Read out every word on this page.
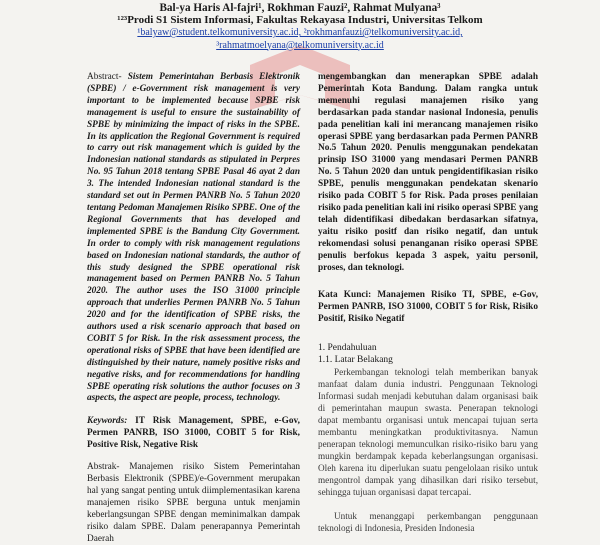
Bal-ya Haris Al-fajri¹, Rokhman Fauzi², Rahmat Mulyana³
¹²³Prodi S1 Sistem Informasi, Fakultas Rekayasa Industri, Universitas Telkom
¹balyaw@student.telkomuniversity.ac.id, ²rokhmanfauzi@telkomuniversity.ac.id,
³rahmatmoelyana@telkomuniversity.ac.id

Abstract- Sistem Pemerintahan Berbasis Elektronik (SPBE) / e-Government risk management is very important to be implemented because SPBE risk management is useful to ensure the sustainability of SPBE by minimizing the impact of risks in the SPBE. In its application the Regional Government is required to carry out risk management which is guided by the Indonesian national standards as stipulated in Perpres No. 95 Tahun 2018 tentang SPBE Pasal 46 ayat 2 dan 3. The intended Indonesian national standard is the standard set out in Permen PANRB No. 5 Tahun 2020 tentang Pedoman Manajemen Risiko SPBE. One of the Regional Governments that has developed and implemented SPBE is the Bandung City Government. In order to comply with risk management regulations based on Indonesian national standards, the author of this study designed the SPBE operational risk management based on Permen PANRB No. 5 Tahun 2020. The author uses the ISO 31000 principle approach that underlies Permen PANRB No. 5 Tahun 2020 and for the identification of SPBE risks, the authors used a risk scenario approach that based on COBIT 5 for Risk. In the risk assessment process, the operational risks of SPBE that have been identified are distinguished by their nature, namely positive risks and negative risks, and for recommendations for handling SPBE operating risk solutions the author focuses on 3 aspects, the aspect are people, process, technology.

Keywords: IT Risk Management, SPBE, e-Gov, Permen PANRB, ISO 31000, COBIT 5 for Risk, Positive Risk, Negative Risk

Abstrak- Manajemen risiko Sistem Pemerintahan Berbasis Elektronik (SPBE)/e-Government merupakan hal yang sangat penting untuk diimplementasikan karena manajemen risiko SPBE berguna untuk menjamin keberlangsungan SPBE dengan meminimalkan dampak risiko dalam SPBE. Dalam penerapannya Pemerintah Daerah

mengembangkan dan menerapkan SPBE adalah Pemerintah Kota Bandung. Dalam rangka untuk memenuhi regulasi manajemen risiko yang berdasarkan pada standar nasional Indonesia, penulis pada penelitian kali ini merancang manajemen risiko operasi SPBE yang berdasarkan pada Permen PANRB No.5 Tahun 2020. Penulis menggunakan pendekatan prinsip ISO 31000 yang mendasari Permen PANRB No. 5 Tahun 2020 dan untuk pengidentifikasian risiko SPBE, penulis menggunakan pendekatan skenario risiko pada COBIT 5 for Risk. Pada proses penilaian risiko pada penelitian kali ini risiko operasi SPBE yang telah didentifikasi dibedakan berdasarkan sifatnya, yaitu risiko positf dan risiko negatif, dan untuk rekomendasi solusi penanganan risiko operasi SPBE penulis berfokus kepada 3 aspek, yaitu personil, proses, dan teknologi.

Kata Kunci: Manajemen Risiko TI, SPBE, e-Gov, Permen PANRB, ISO 31000, COBIT 5 for Risk, Risiko Positif, Risiko Negatif

1. Pendahuluan

1.1. Latar Belakang

Perkembangan teknologi telah memberikan banyak manfaat dalam dunia industri. Penggunaan Teknologi Informasi sudah menjadi kebutuhan dalam organisasi baik di pemerintahan maupun swasta. Penerapan teknologi dapat membantu organisasi untuk mencapai tujuan serta membantu meningkatkan produktivitasnya. Namun penerapan teknologi memunculkan risiko-risiko baru yang mungkin berdampak kepada keberlangsungan organisasi. Oleh karena itu diperlukan suatu pengelolaan risiko untuk mengontrol dampak yang dihasilkan dari risiko tersebut, sehingga tujuan organisasi dapat tercapai.

Untuk menanggapi perkembangan penggunaan teknologi di Indonesia, Presiden Indonesia
